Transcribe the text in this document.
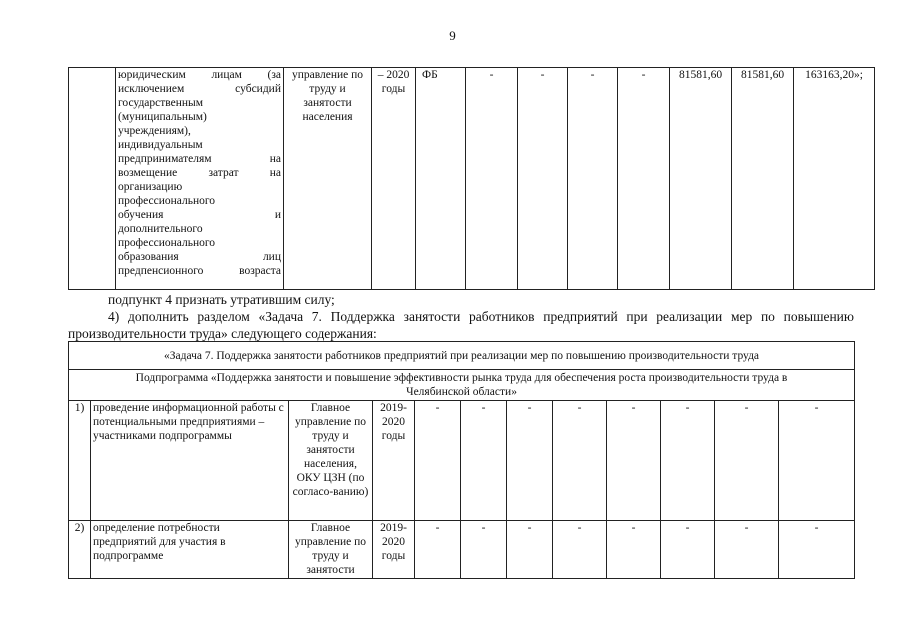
9

юридическим лицам (за
исключением субсидий
государственным
(муниципальным)
учреждениям),
индивидуальным
предпринимателям на
возмещение затрат на
организацию
профессионального
обучения и
дополнительного
профессионального
образования лиц
предпенсионного возраста
	управление по труду и занятости населения	– 2020 годы	ФБ	-	-	-	-	81581,60	81581,60	163163,20»;
подпункт 4 признать утратившим силу;
4) дополнить разделом «Задача 7. Поддержка занятости работников предприятий при реализации мер по повышению производительности труда» следующего содержания:
«Задача 7. Поддержка занятости работников предприятий при реализации мер по повышению производительности труда											
Подпрограмма «Поддержка занятости и повышение эффективности рынка труда для обеспечения роста производительности труда в Челябинской области»											
1)	проведение информационной работы с потенциальными предприятиями – участниками подпрограммы	Главное управление по труду и занятости населения, ОКУ ЦЗН (по согласо-ванию)	2019-2020 годы	-	-	-	-	-	-	-	-
2)	определение потребности предприятий для участия в подпрограмме	Главное управление по труду и занятости	2019-2020 годы	-	-	-	-	-	-	-	-
